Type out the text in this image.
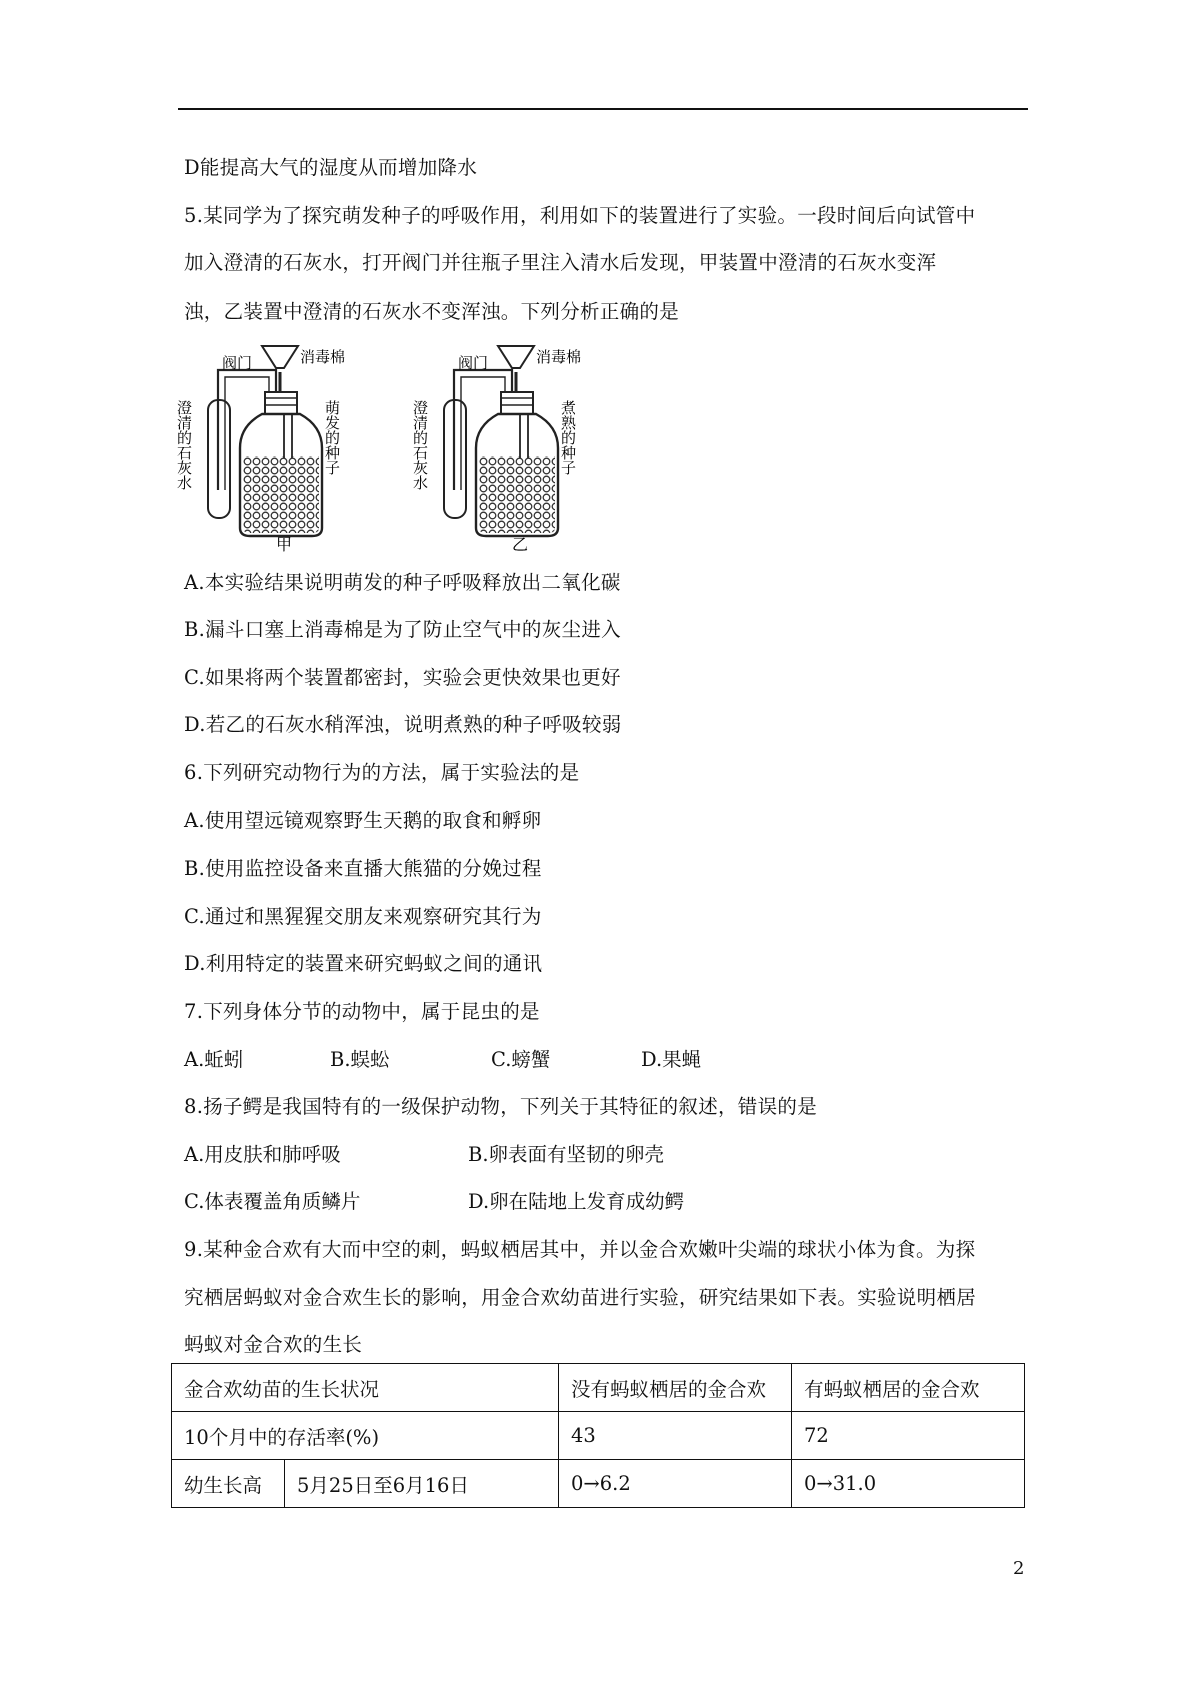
D能提高大气的湿度从而增加降水
5.某同学为了探究萌发种子的呼吸作用，利用如下的装置进行了实验。一段时间后向试管中
加入澄清的石灰水，打开阀门并往瓶子里注入清水后发现，甲装置中澄清的石灰水变浑
浊，乙装置中澄清的石灰水不变浑浊。下列分析正确的是
阀门	消毒棉
澄清的石灰水	萌发的种子
甲
阀门	消毒棉
澄清的石灰水	煮熟的种子
乙
A.本实验结果说明萌发的种子呼吸释放出二氧化碳
B.漏斗口塞上消毒棉是为了防止空气中的灰尘进入
C.如果将两个装置都密封，实验会更快效果也更好
D.若乙的石灰水稍浑浊，说明煮熟的种子呼吸较弱
6.下列研究动物行为的方法，属于实验法的是
A.使用望远镜观察野生天鹅的取食和孵卵
B.使用监控设备来直播大熊猫的分娩过程
C.通过和黑猩猩交朋友来观察研究其行为
D.利用特定的装置来研究蚂蚁之间的通讯
7.下列身体分节的动物中，属于昆虫的是
A.蚯蚓	B.蜈蚣	C.螃蟹	D.果蝇
8.扬子鳄是我国特有的一级保护动物，下列关于其特征的叙述，错误的是
A.用皮肤和肺呼吸	B.卵表面有坚韧的卵壳
C.体表覆盖角质鳞片	D.卵在陆地上发育成幼鳄
9.某种金合欢有大而中空的刺，蚂蚁栖居其中，并以金合欢嫩叶尖端的球状小体为食。为探
究栖居蚂蚁对金合欢生长的影响，用金合欢幼苗进行实验，研究结果如下表。实验说明栖居
蚂蚁对金合欢的生长
金合欢幼苗的生长状况		没有蚂蚁栖居的金合欢	有蚂蚁栖居的金合欢
10个月中的存活率(%)		43	72
幼生长高	5月25日至6月16日	0→6.2	0→31.0
2
